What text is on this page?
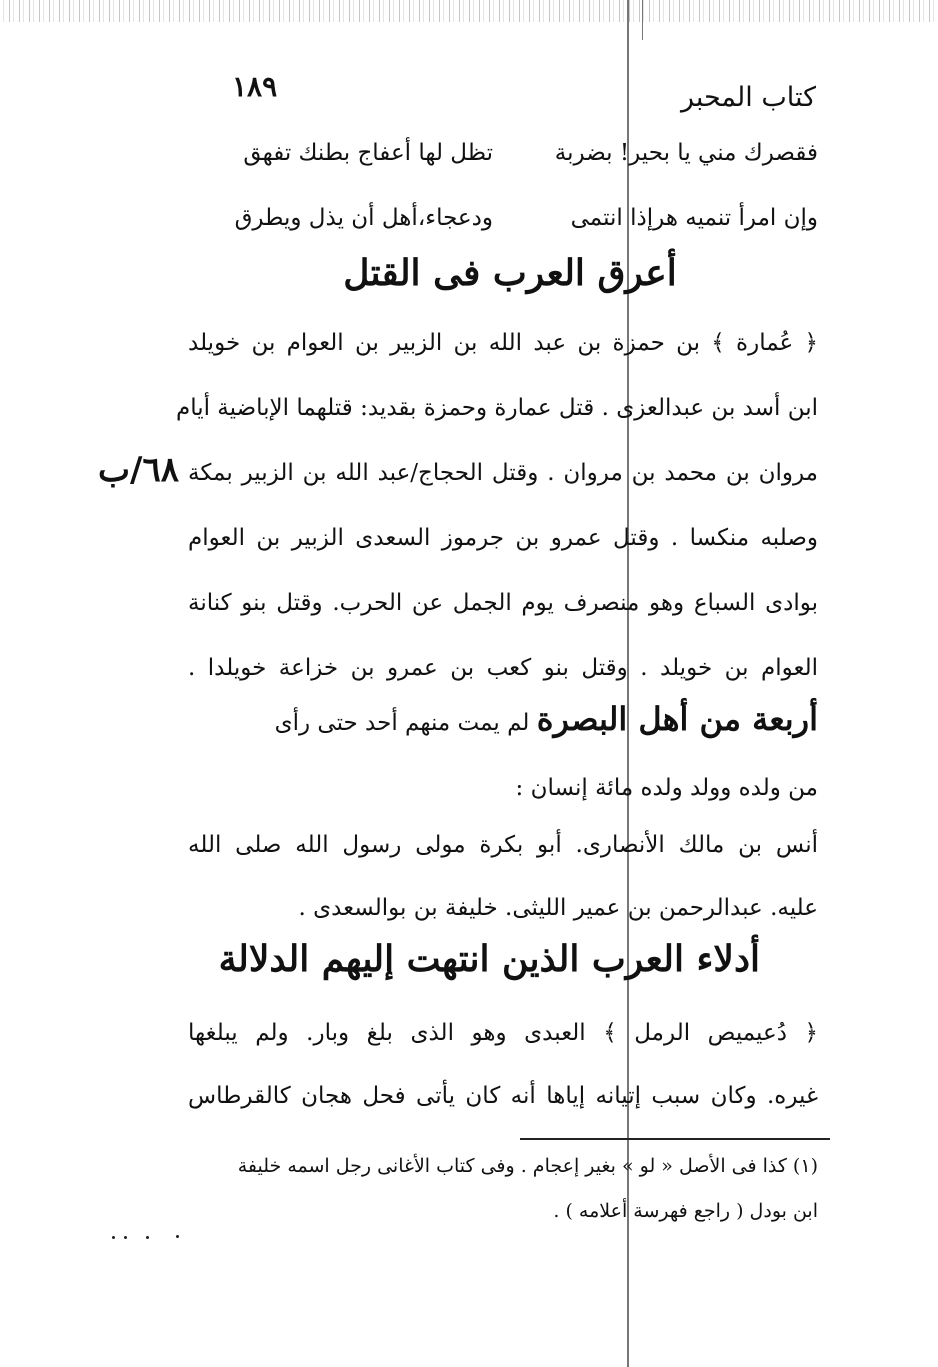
١٨٩	كتاب المحبر
فقصرك مني يا بحير! بضربة
تظل لها أعفاج بطنك تفهق
وإن امرأ تنميه هرإذا انتمى
ودعجاء،أهل أن يذل ويطرق
أعرق العرب فى القتل
﴿ عُمارة ﴾ بن حمزة بن عبد الله بن الزبير بن العوام بن خويلد
ابن أسد بن عبدالعزى . قتل عمارة وحمزة بقديد: قتلهما الإباضية أيام
مروان بن محمد بن مروان . وقتل الحجاج/عبد الله بن الزبير بمكة
وصلبه منكسا . وقتل عمرو بن جرموز السعدى الزبير بن العوام
بوادى السباع وهو منصرف يوم الجمل عن الحرب. وقتل بنو كنانة
العوام بن خويلد . وقتل بنو كعب بن عمرو بن خزاعة خويلدا .
٦٨/ب
أربعة من أهل البصرة لم يمت منهم أحد حتى رأى
من ولده وولد ولده مائة إنسان :
أنس بن مالك الأنصارى. أبو بكرة مولى رسول الله صلى الله
عليه. عبدالرحمن بن عمير الليثى. خليفة بن بوالسعدى .
أدلاء العرب الذين انتهت إليهم الدلالة
﴿ دُعيميص الرمل ﴾ العبدى وهو الذى بلغ وبار. ولم يبلغها
غيره. وكان سبب إتيانه إياها أنه كان يأتى فحل هجان كالقرطاس
(١) كذا فى الأصل « لو » بغير إعجام . وفى كتاب الأغانى رجل اسمه خليفة
ابن بودل ( راجع فهرسة أعلامه ) .
